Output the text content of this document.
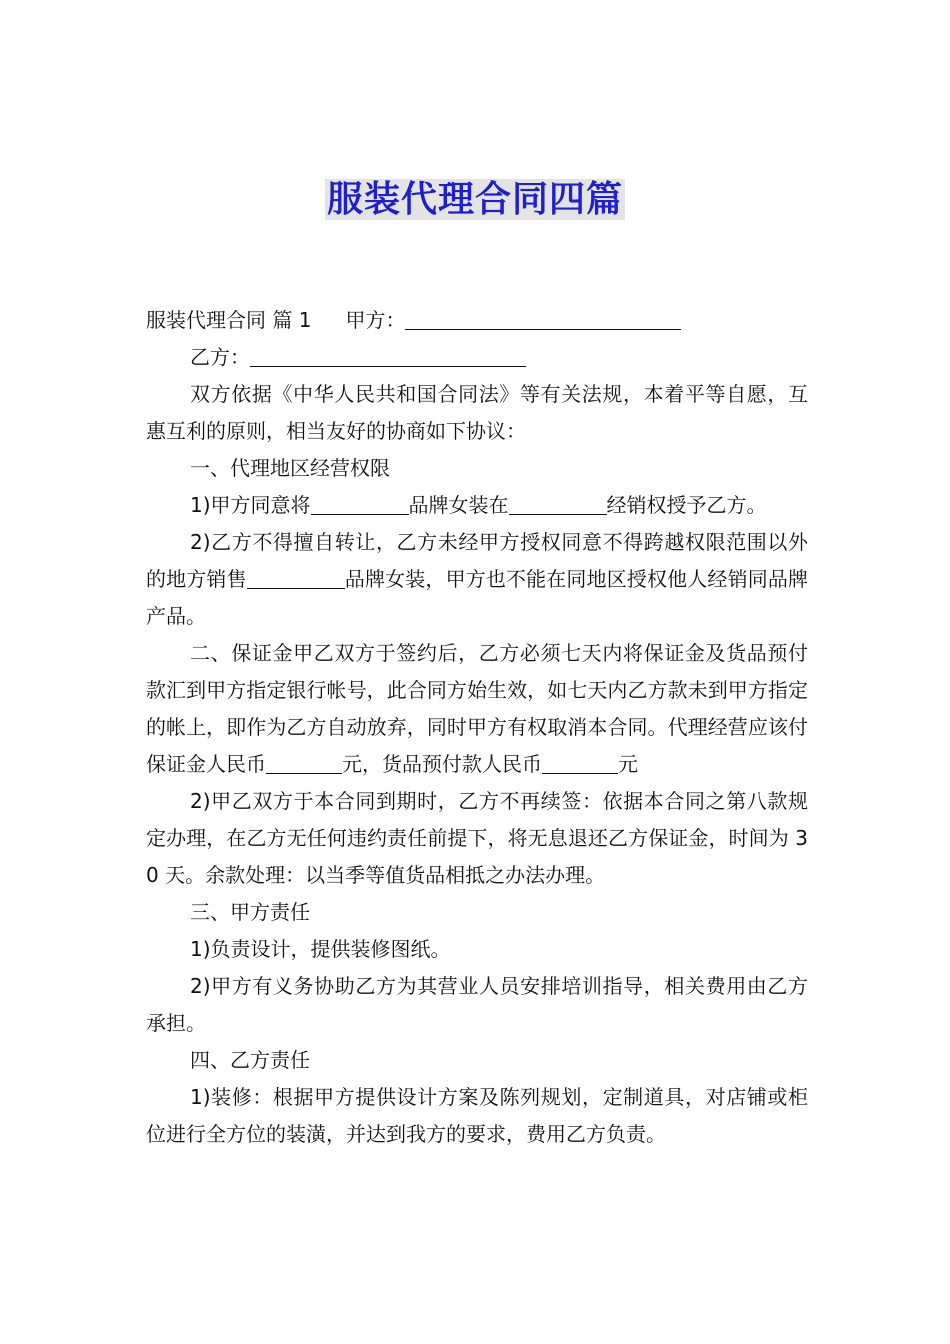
服装代理合同四篇

服装代理合同 篇 1 甲方：

乙方：

双方依据《中华人民共和国合同法》等有关法规，本着平等自愿，互惠互利的原则，相当友好的协商如下协议：

一、代理地区经营权限

1)甲方同意将	品牌女装在	经销权授予乙方。

2)乙方不得擅自转让，乙方未经甲方授权同意不得跨越权限范围以外的地方销售	品牌女装，甲方也不能在同地区授权他人经销同品牌产品。

二、保证金甲乙双方于签约后，乙方必须七天内将保证金及货品预付款汇到甲方指定银行帐号，此合同方始生效，如七天内乙方款未到甲方指定的帐上，即作为乙方自动放弃，同时甲方有权取消本合同。代理经营应该付保证金人民币	元，货品预付款人民币	元

2)甲乙双方于本合同到期时，乙方不再续签：依据本合同之第八款规定办理，在乙方无任何违约责任前提下，将无息退还乙方保证金，时间为 30 天。余款处理：以当季等值货品相抵之办法办理。

三、甲方责任

1)负责设计，提供装修图纸。

2)甲方有义务协助乙方为其营业人员安排培训指导，相关费用由乙方承担。

四、乙方责任

1)装修：根据甲方提供设计方案及陈列规划，定制道具，对店铺或柜位进行全方位的装潢，并达到我方的要求，费用乙方负责。
